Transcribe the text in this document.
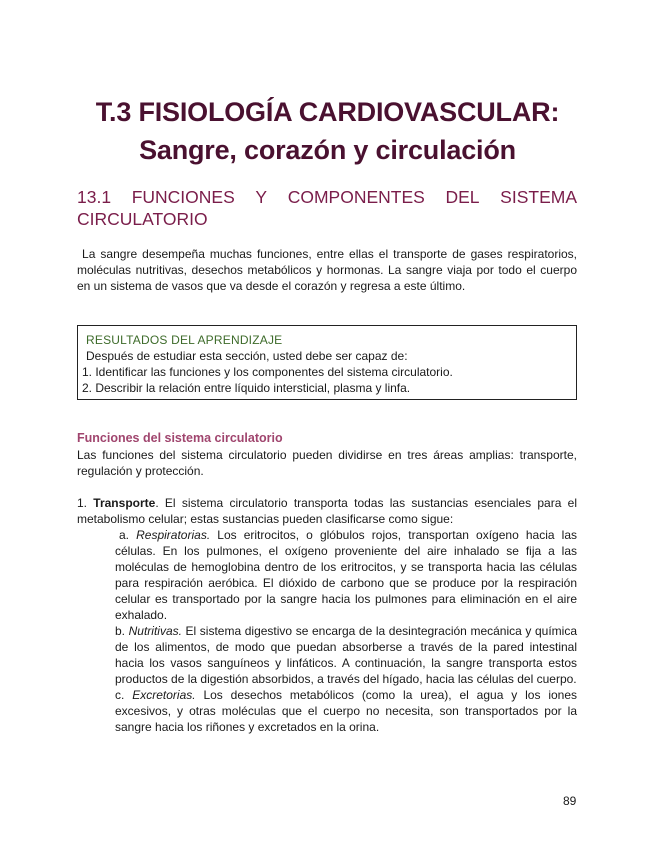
T.3 FISIOLOGÍA CARDIOVASCULAR:
Sangre, corazón y circulación
13.1 FUNCIONES Y COMPONENTES DEL SISTEMA
CIRCULATORIO

La sangre desempeña muchas funciones, entre ellas el transporte de gases respiratorios, moléculas nutritivas, desechos metabólicos y hormonas. La sangre viaja por todo el cuerpo en un sistema de vasos que va desde el corazón y regresa a este último.

RESULTADOS DEL APRENDIZAJE
Después de estudiar esta sección, usted debe ser capaz de:
1. Identificar las funciones y los componentes del sistema circulatorio.
2. Describir la relación entre líquido intersticial, plasma y linfa.
Funciones del sistema circulatorio

Las funciones del sistema circulatorio pueden dividirse en tres áreas amplias: transporte, regulación y protección.

1. Transporte. El sistema circulatorio transporta todas las sustancias esenciales para el metabolismo celular; estas sustancias pueden clasificarse como sigue:

a. Respiratorias. Los eritrocitos, o glóbulos rojos, transportan oxígeno hacia las células. En los pulmones, el oxígeno proveniente del aire inhalado se fija a las moléculas de hemoglobina dentro de los eritrocitos, y se transporta hacia las células para respiración aeróbica. El dióxido de carbono que se produce por la respiración celular es transportado por la sangre hacia los pulmones para eliminación en el aire exhalado.

b. Nutritivas. El sistema digestivo se encarga de la desintegración mecánica y química de los alimentos, de modo que puedan absorberse a través de la pared intestinal hacia los vasos sanguíneos y linfáticos. A continuación, la sangre transporta estos productos de la digestión absorbidos, a través del hígado, hacia las células del cuerpo.

c. Excretorias. Los desechos metabólicos (como la urea), el agua y los iones excesivos, y otras moléculas que el cuerpo no necesita, son transportados por la sangre hacia los riñones y excretados en la orina.

89
